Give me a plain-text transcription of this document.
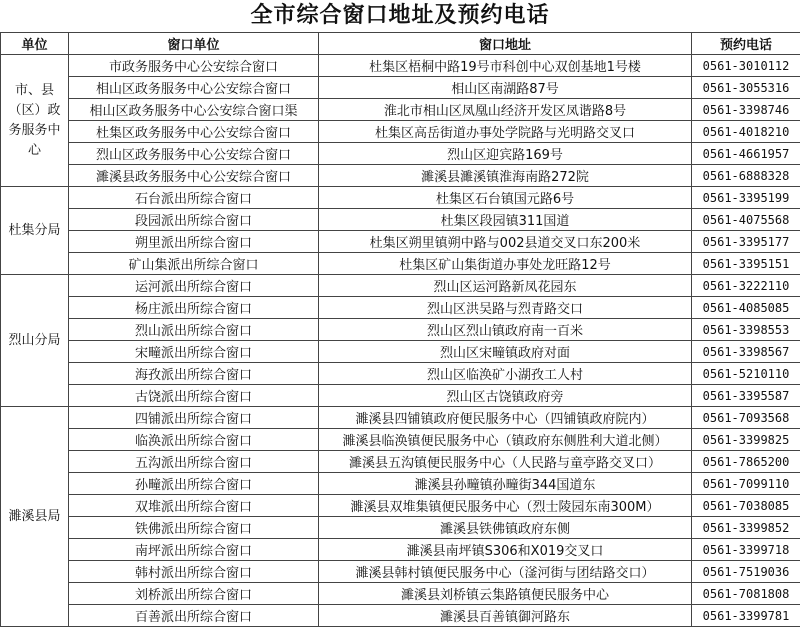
全市综合窗口地址及预约电话
单位	窗口单位	窗口地址	预约电话
市、县（区）政务服务中心	市政务服务中心公安综合窗口	杜集区梧桐中路19号市科创中心双创基地1号楼	0561-3010112
	相山区政务服务中心公安综合窗口	相山区南湖路87号	0561-3055316
	相山区政务服务中心公安综合窗口渠	淮北市相山区凤凰山经济开发区凤谐路8号	0561-3398746
	杜集区政务服务中心公安综合窗口	杜集区高岳街道办事处学院路与光明路交叉口	0561-4018210
	烈山区政务服务中心公安综合窗口	烈山区迎宾路169号	0561-4661957
	濉溪县政务服务中心公安综合窗口	濉溪县濉溪镇淮海南路272院	0561-6888328
杜集分局	石台派出所综合窗口	杜集区石台镇国元路6号	0561-3395199
	段园派出所综合窗口	杜集区段园镇311国道	0561-4075568
	朔里派出所综合窗口	杜集区朔里镇朔中路与002县道交叉口东200米	0561-3395177
	矿山集派出所综合窗口	杜集区矿山集街道办事处龙旺路12号	0561-3395151
烈山分局	运河派出所综合窗口	烈山区运河路新凤花园东	0561-3222110
	杨庄派出所综合窗口	烈山区洪吴路与烈青路交口	0561-4085085
	烈山派出所综合窗口	烈山区烈山镇政府南一百米	0561-3398553
	宋疃派出所综合窗口	烈山区宋疃镇政府对面	0561-3398567
	海孜派出所综合窗口	烈山区临涣矿小湖孜工人村	0561-5210110
	古饶派出所综合窗口	烈山区古饶镇政府旁	0561-3395587
濉溪县局	四铺派出所综合窗口	濉溪县四铺镇政府便民服务中心（四铺镇政府院内）	0561-7093568
	临涣派出所综合窗口	濉溪县临涣镇便民服务中心（镇政府东侧胜利大道北侧）	0561-3399825
	五沟派出所综合窗口	濉溪县五沟镇便民服务中心（人民路与童亭路交叉口）	0561-7865200
	孙疃派出所综合窗口	濉溪县孙疃镇孙疃街344国道东	0561-7099110
	双堆派出所综合窗口	濉溪县双堆集镇便民服务中心（烈士陵园东南300M）	0561-7038085
	铁佛派出所综合窗口	濉溪县铁佛镇政府东侧	0561-3399852
	南坪派出所综合窗口	濉溪县南坪镇S306和X019交叉口	0561-3399718
	韩村派出所综合窗口	濉溪县韩村镇便民服务中心（滏河街与团结路交口）	0561-7519036
	刘桥派出所综合窗口	濉溪县刘桥镇云集路镇便民服务中心	0561-7081808
	百善派出所综合窗口	濉溪县百善镇御河路东	0561-3399781
